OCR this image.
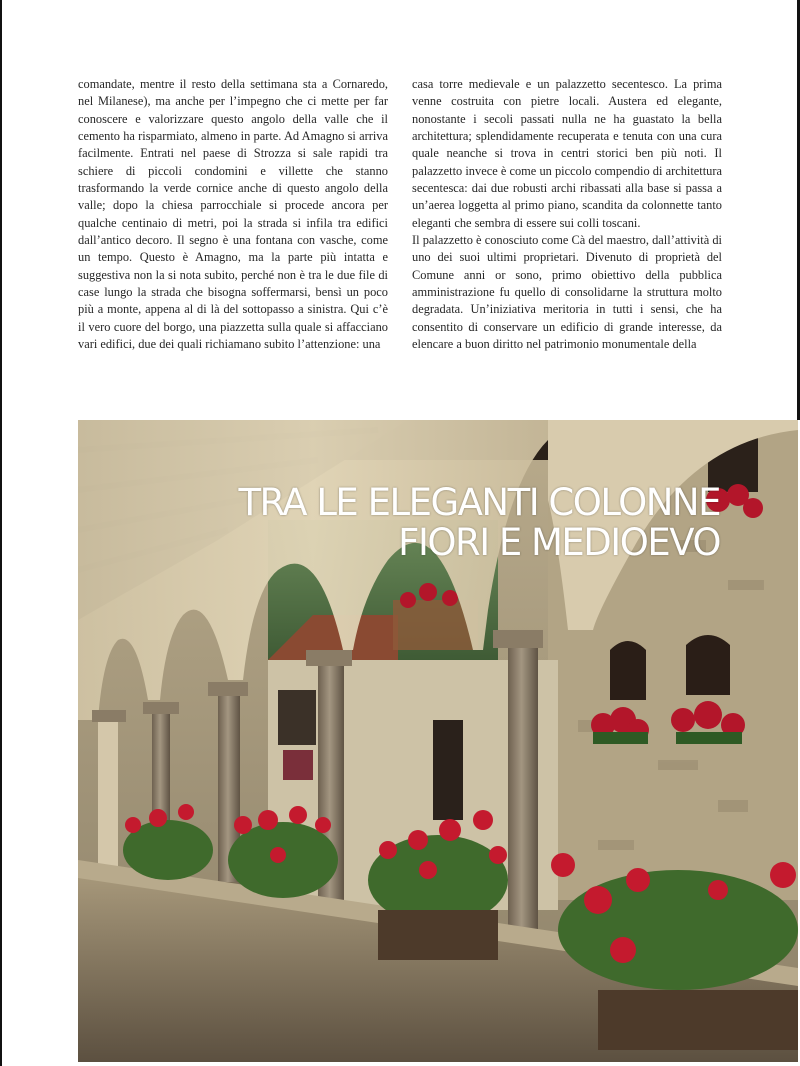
comandate, mentre il resto della settimana sta a Cornaredo, nel Milanese), ma anche per l’impegno che ci mette per far conoscere e valorizzare questo angolo della valle che il cemento ha risparmiato, almeno in parte. Ad Amagno si arriva facilmente. Entrati nel paese di Strozza si sale rapidi tra schiere di piccoli condomini e villette che stanno trasformando la verde cornice anche di questo angolo della valle; dopo la chiesa parrocchiale si procede ancora per qualche centinaio di metri, poi la strada si infila tra edifici dall’antico decoro. Il segno è una fontana con vasche, come un tempo. Questo è Amagno, ma la parte più intatta e suggestiva non la si nota subito, perché non è tra le due file di case lungo la strada che bisogna soffermarsi, bensì un poco più a monte, appena al di là del sottopasso a sinistra. Qui c’è il vero cuore del borgo, una piazzetta sulla quale si affacciano vari edifici, due dei quali richiamano subito l’attenzione: una

casa torre medievale e un palazzetto secentesco. La prima venne costruita con pietre locali. Austera ed elegante, nonostante i secoli passati nulla ne ha guastato la bella architettura; splendidamente recuperata e tenuta con una cura quale neanche si trova in centri storici ben più noti. Il palazzetto invece è come un piccolo compendio di architettura secentesca: dai due robusti archi ribassati alla base si passa a un’aerea loggetta al primo piano, scandita da colonnette tanto eleganti che sembra di essere sui colli toscani.

Il palazzetto è conosciuto come Cà del maestro, dall’attività di uno dei suoi ultimi proprietari. Divenuto di proprietà del Comune anni or sono, primo obiettivo della pubblica amministrazione fu quello di consolidarne la struttura molto degradata. Un’iniziativa meritoria in tutti i sensi, che ha consentito di conservare un edificio di grande interesse, da elencare a buon diritto nel patrimonio monumentale della

TRA LE ELEGANTI COLONNE
FIORI E MEDIOEVO
